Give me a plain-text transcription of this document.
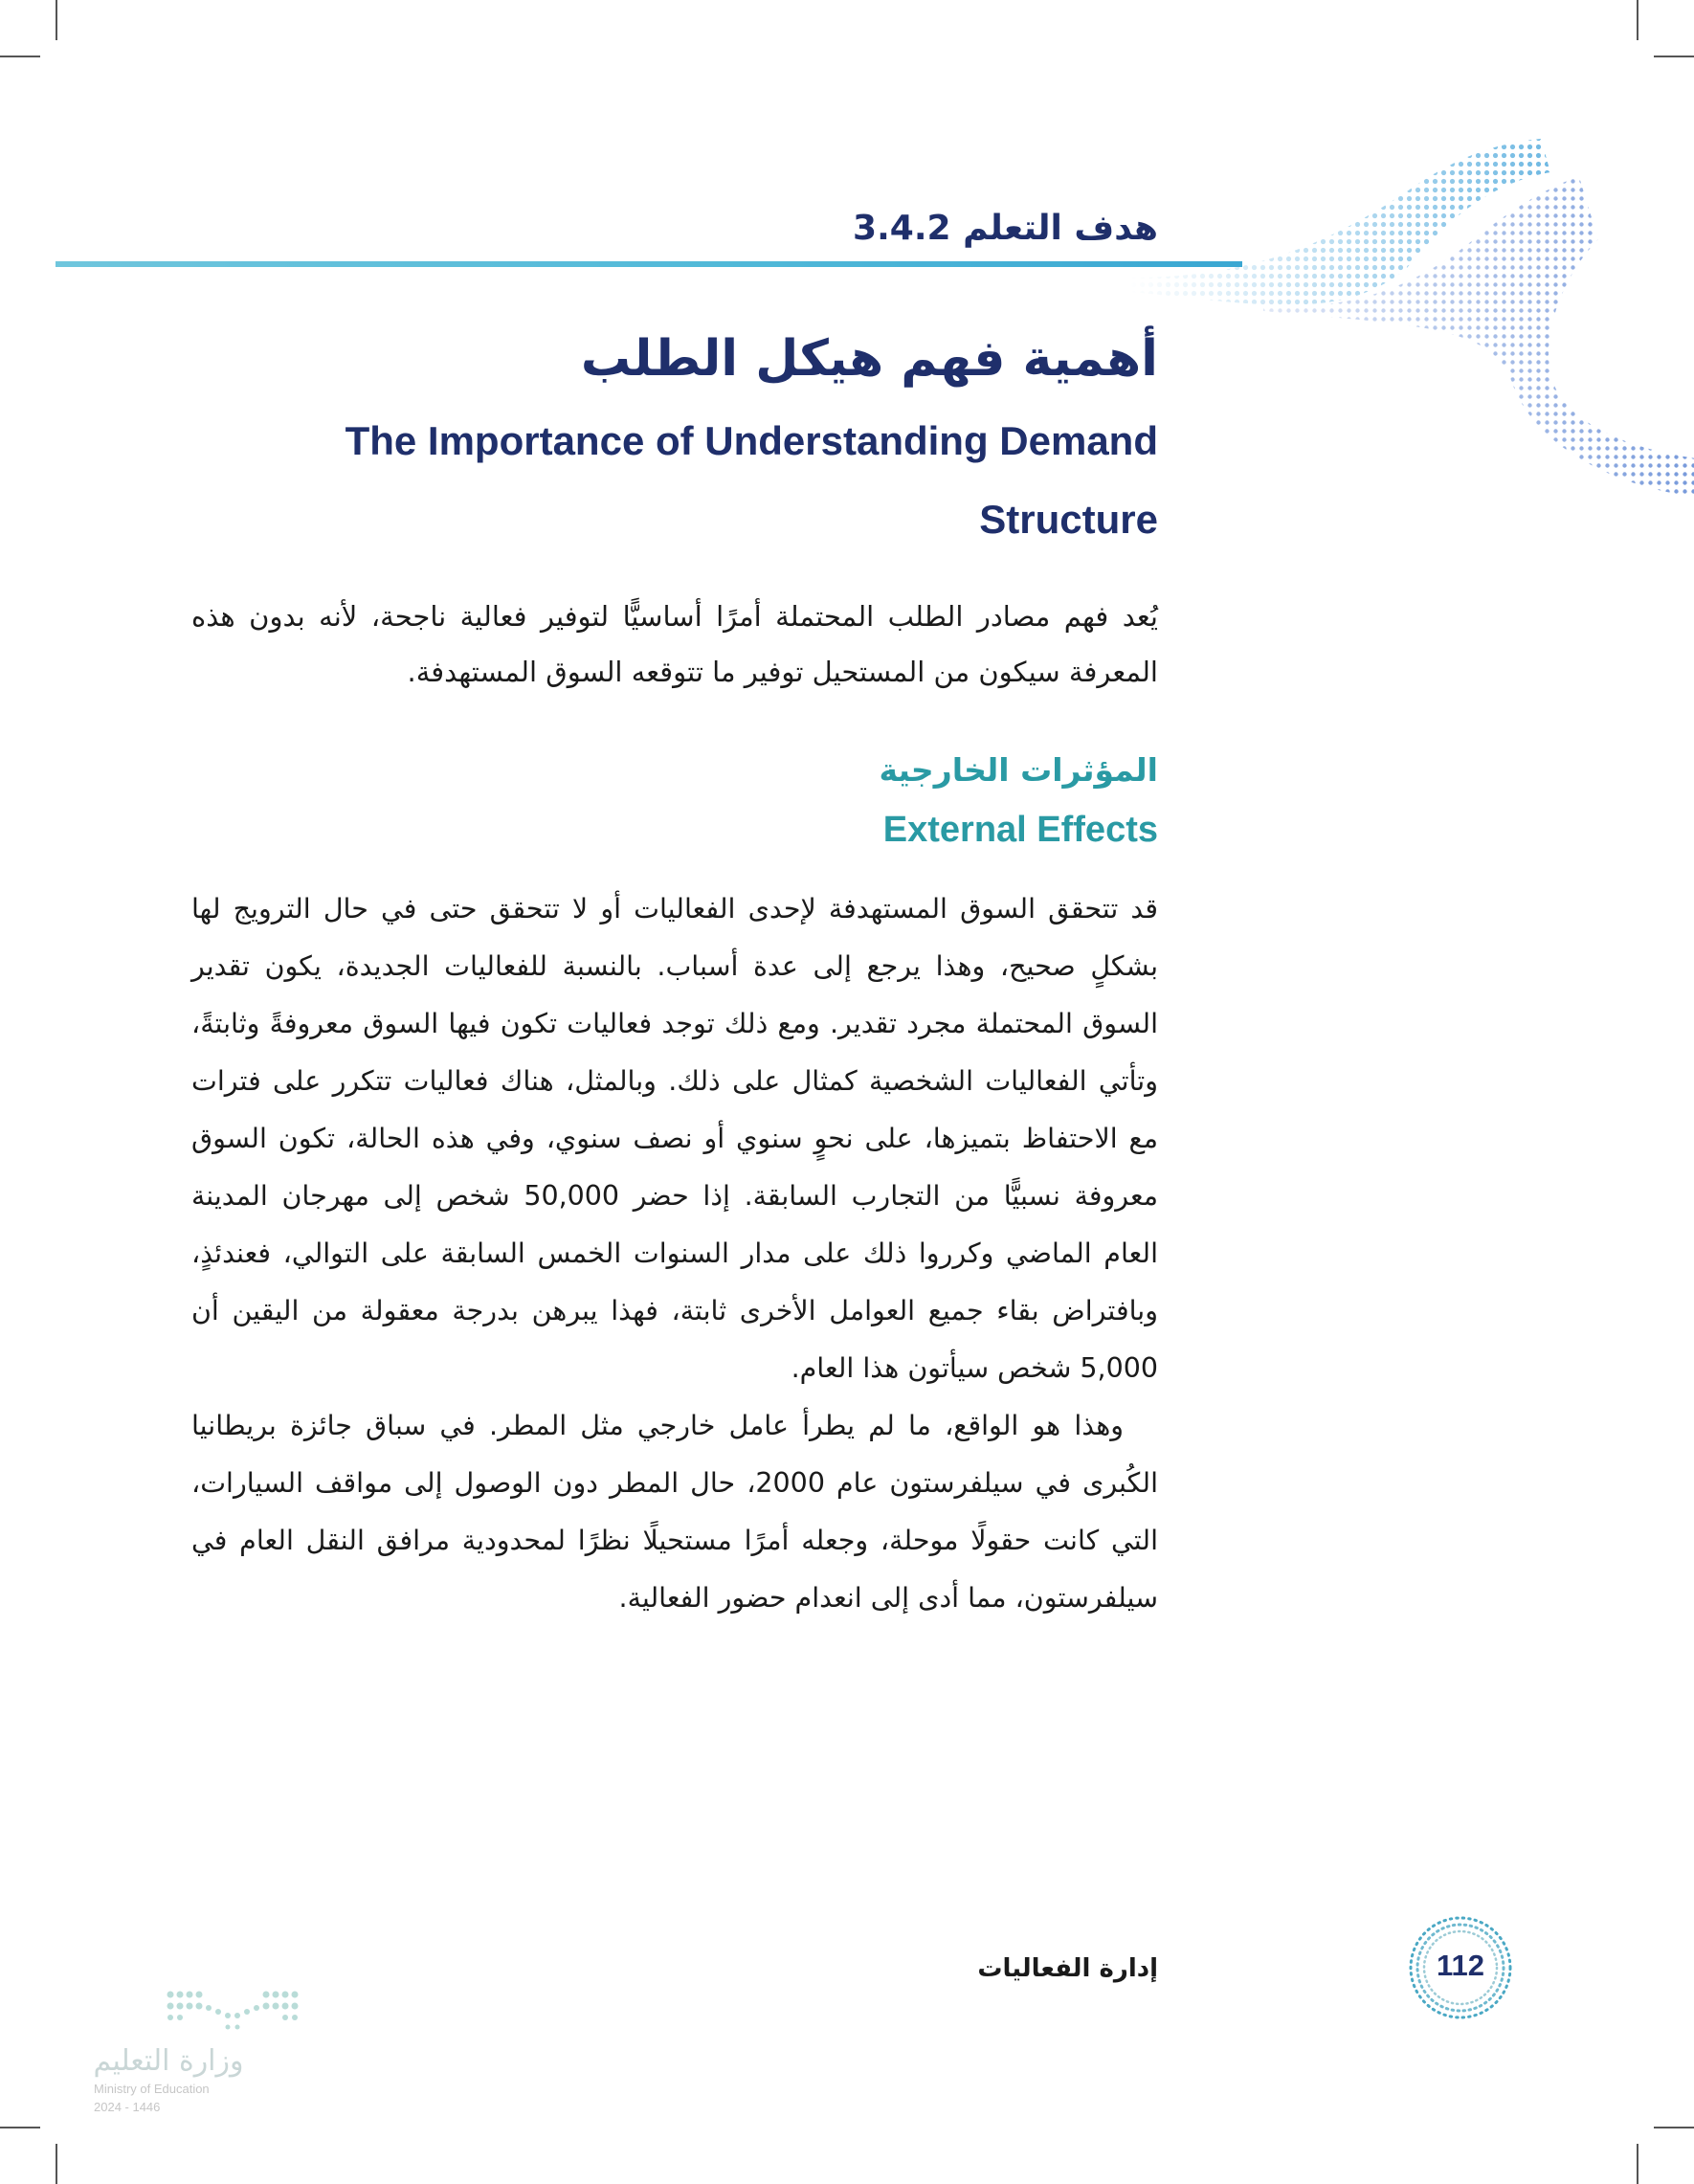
هدف التعلم 3.4.2
أهمية فهم هيكل الطلب
The Importance of Understanding Demand Structure
يُعد فهم مصادر الطلب المحتملة أمرًا أساسيًّا لتوفير فعالية ناجحة، لأنه بدون هذه المعرفة سيكون من المستحيل توفير ما تتوقعه السوق المستهدفة.
المؤثرات الخارجية
External Effects

قد تتحقق السوق المستهدفة لإحدى الفعاليات أو لا تتحقق حتى في حال الترويج لها بشكلٍ صحيح، وهذا يرجع إلى عدة أسباب. بالنسبة للفعاليات الجديدة، يكون تقدير السوق المحتملة مجرد تقدير. ومع ذلك توجد فعاليات تكون فيها السوق معروفةً وثابتةً، وتأتي الفعاليات الشخصية كمثال على ذلك. وبالمثل، هناك فعاليات تتكرر على فترات مع الاحتفاظ بتميزها، على نحوٍ سنوي أو نصف سنوي، وفي هذه الحالة، تكون السوق معروفة نسبيًّا من التجارب السابقة. إذا حضر 50,000 شخص إلى مهرجان المدينة العام الماضي وكرروا ذلك على مدار السنوات الخمس السابقة على التوالي، فعندئذٍ، وبافتراض بقاء جميع العوامل الأخرى ثابتة، فهذا يبرهن بدرجة معقولة من اليقين أن 5,000 شخص سيأتون هذا العام.

وهذا هو الواقع، ما لم يطرأ عامل خارجي مثل المطر. في سباق جائزة بريطانيا الكُبرى في سيلفرستون عام 2000، حال المطر دون الوصول إلى مواقف السيارات، التي كانت حقولًا موحلة، وجعله أمرًا مستحيلًا نظرًا لمحدودية مرافق النقل العام في سيلفرستون، مما أدى إلى انعدام حضور الفعالية.

112
إدارة الفعاليات
وزارة التعليم
Ministry of Education
2024 - 1446
